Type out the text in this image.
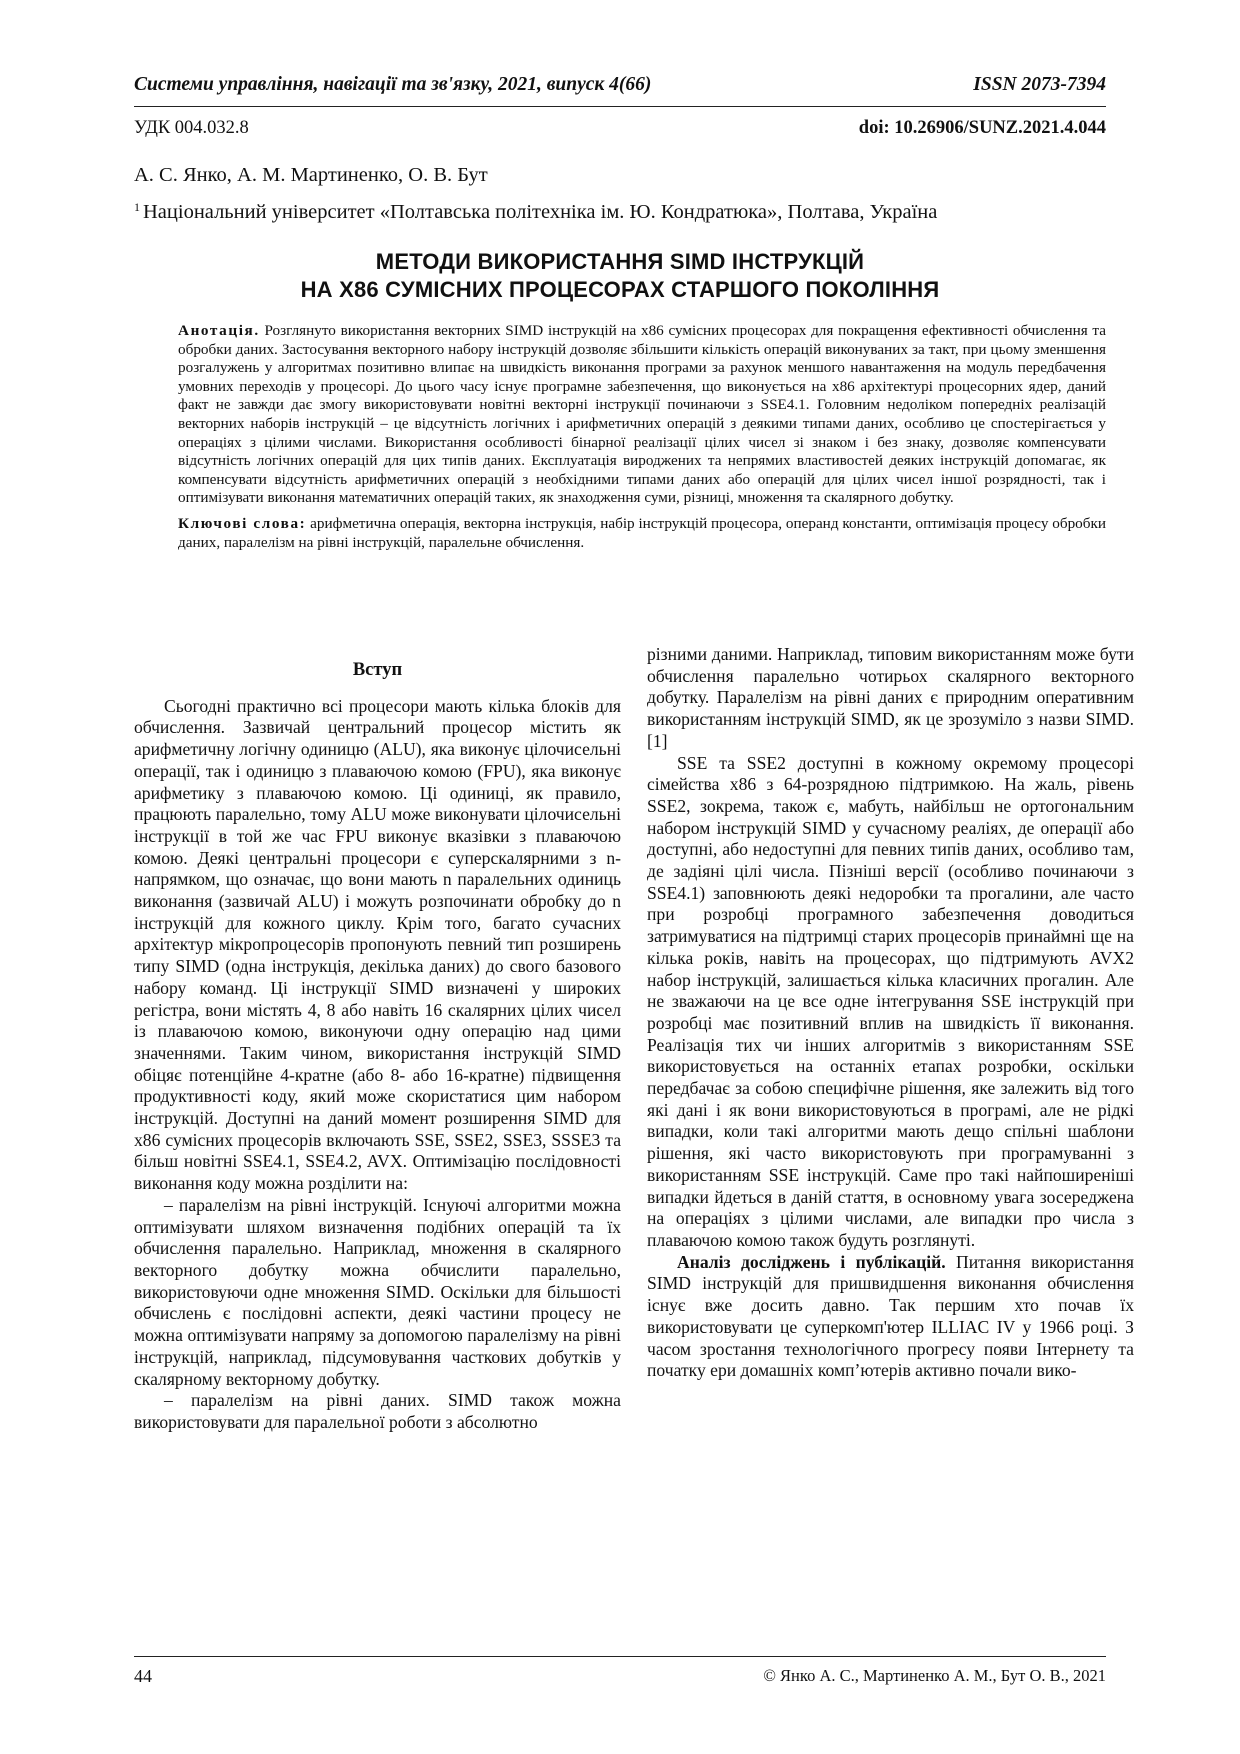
Системи управління, навігації та зв'язку, 2021, випуск 4(66)	ISSN 2073-7394
УДК 004.032.8	doi: 10.26906/SUNZ.2021.4.044
А. С. Янко, А. М. Мартиненко, О. В. Бут
$^1$ Національний університет «Полтавська політехніка ім. Ю. Кондратюка», Полтава, Україна
МЕТОДИ ВИКОРИСТАННЯ SIMD ІНСТРУКЦІЙ
НА X86 СУМІСНИХ ПРОЦЕСОРАХ СТАРШОГО ПОКОЛІННЯ

Анотація. Розглянуто використання векторних SIMD інструкцій на x86 сумісних процесорах для покращення ефективності обчислення та обробки даних. Застосування векторного набору інструкцій дозволяє збільшити кількість операцій виконуваних за такт, при цьому зменшення розгалужень у алгоритмах позитивно влипає на швидкість виконання програми за рахунок меншого навантаження на модуль передбачення умовних переходів у процесорі. До цього часу існує програмне забезпечення, що виконується на x86 архітектурі процесорних ядер, даний факт не завжди дає змогу використовувати новітні векторні інструкції починаючи з SSE4.1. Головним недоліком попередніх реалізацій векторних наборів інструкцій – це відсутність логічних і арифметичних операцій з деякими типами даних, особливо це спостерігається у операціях з цілими числами. Використання особливості бінарної реалізації цілих чисел зі знаком і без знаку, дозволяє компенсувати відсутність логічних операцій для цих типів даних. Експлуатація вироджених та непрямих властивостей деяких інструкцій допомагає, як компенсувати відсутність арифметичних операцій з необхідними типами даних або операцій для цілих чисел іншої розрядності, так і оптимізувати виконання математичних операцій таких, як знаходження суми, різниці, множення та скалярного добутку.

Ключові слова: арифметична операція, векторна інструкція, набір інструкцій процесора, операнд константи, оптимізація процесу обробки даних, паралелізм на рівні інструкцій, паралельне обчислення.

Вступ

Сьогодні практично всі процесори мають кілька блоків для обчислення. Зазвичай центральний процесор містить як арифметичну логічну одиницю (ALU), яка виконує цілочисельні операції, так і одиницю з плаваючою комою (FPU), яка виконує арифметику з плаваючою комою. Ці одиниці, як правило, працюють паралельно, тому ALU може виконувати цілочисельні інструкції в той же час FPU виконує вказівки з плаваючою комою. Деякі центральні процесори є суперскалярними з n-напрямком, що означає, що вони мають n паралельних одиниць виконання (зазвичай ALU) і можуть розпочинати обробку до n інструкцій для кожного циклу. Крім того, багато сучасних архітектур мікропроцесорів пропонують певний тип розширень типу SIMD (одна інструкція, декілька даних) до свого базового набору команд. Ці інструкції SIMD визначені у широких регістра, вони містять 4, 8 або навіть 16 скалярних цілих чисел із плаваючою комою, виконуючи одну операцію над цими значеннями. Таким чином, використання інструкцій SIMD обіцяє потенційне 4-кратне (або 8- або 16-кратне) підвищення продуктивності коду, який може скористатися цим набором інструкцій. Доступні на даний момент розширення SIMD для x86 сумісних процесорів включають SSE, SSE2, SSE3, SSSE3 та більш новітні SSE4.1, SSE4.2, AVX. Оптимізацію послідовності виконання коду можна розділити на:

– паралелізм на рівні інструкцій. Існуючі алгоритми можна оптимізувати шляхом визначення подібних операцій та їх обчислення паралельно. Наприклад, множення в скалярного векторного добутку можна обчислити паралельно, використовуючи одне множення SIMD. Оскільки для більшості обчислень є послідовні аспекти, деякі частини процесу не можна оптимізувати напряму за допомогою паралелізму на рівні інструкцій, наприклад, підсумовування часткових добутків у скалярному векторному добутку.

– паралелізм на рівні даних. SIMD також можна використовувати для паралельної роботи з абсолютно

різними даними. Наприклад, типовим використанням може бути обчислення паралельно чотирьох скалярного векторного добутку. Паралелізм на рівні даних є природним оперативним використанням інструкцій SIMD, як це зрозуміло з назви SIMD.[1]

SSE та SSE2 доступні в кожному окремому процесорі сімейства x86 з 64-розрядною підтримкою. На жаль, рівень SSE2, зокрема, також є, мабуть, найбільш не ортогональним набором інструкцій SIMD у сучасному реаліях, де операції або доступні, або недоступні для певних типів даних, особливо там, де задіяні цілі числа. Пізніші версії (особливо починаючи з SSE4.1) заповнюють деякі недоробки та прогалини, але часто при розробці програмного забезпечення доводиться затримуватися на підтримці старих процесорів принаймні ще на кілька років, навіть на процесорах, що підтримують AVX2 набор інструкцій, залишається кілька класичних прогалин. Але не зважаючи на це все одне інтегрування SSE інструкцій при розробці має позитивний вплив на швидкість її виконання. Реалізація тих чи інших алгоритмів з використанням SSE використовується на останніх етапах розробки, оскільки передбачає за собою специфічне рішення, яке залежить від того які дані і як вони використовуються в програмі, але не рідкі випадки, коли такі алгоритми мають дещо спільні шаблони рішення, які часто використовують при програмуванні з використанням SSE інструкцій. Саме про такі найпоширеніші випадки йдеться в даній стаття, в основному увага зосереджена на операціях з цілими числами, але випадки про числа з плаваючою комою також будуть розглянуті.

Аналіз досліджень і публікацій. Питання використання SIMD інструкцій для пришвидшення виконання обчислення існує вже досить давно. Так першим хто почав їх використовувати це суперкомп'ютер ILLIAC IV у 1966 році. З часом зростання технологічного прогресу появи Інтернету та початку ери домашніх комп’ютерів активно почали вико-

44	© Янко А. С., Мартиненко А. М., Бут О. В., 2021
